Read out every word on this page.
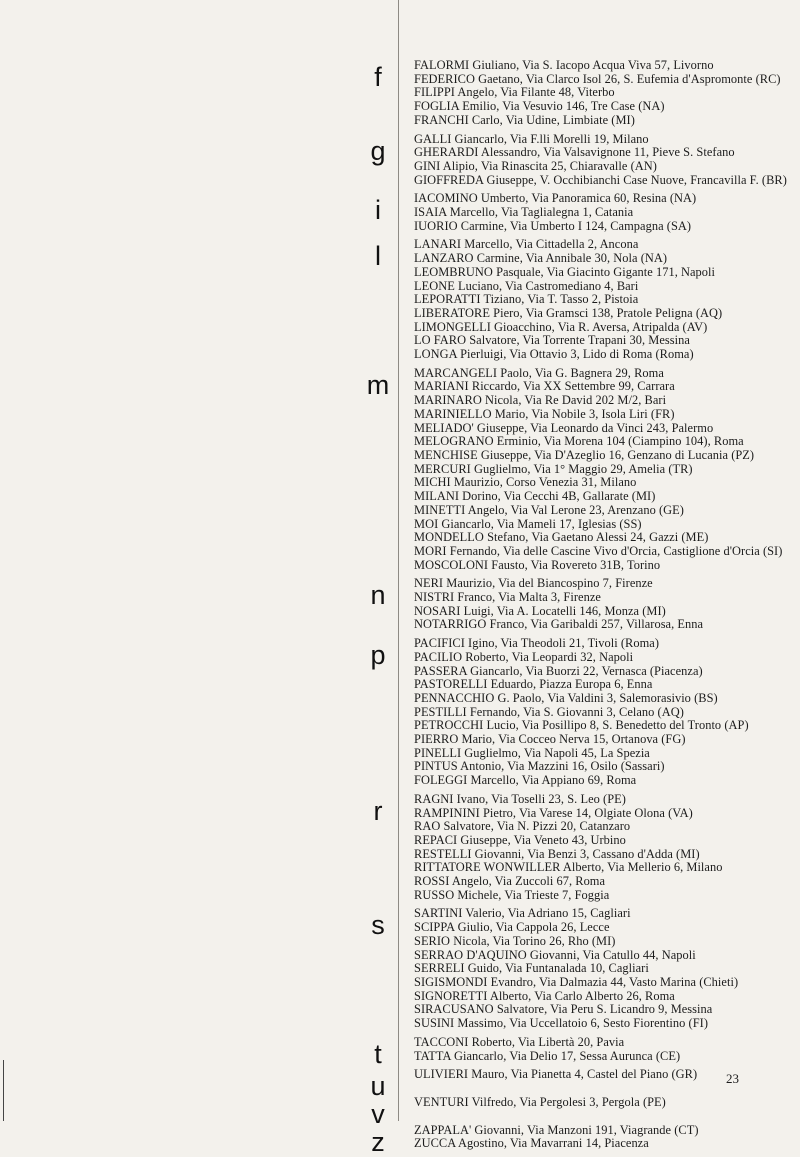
f
g
i
l
m
n
p
r
s
t
u
v
z
FALORMI Giuliano, Via S. Iacopo Acqua Viva 57, Livorno
FEDERICO Gaetano, Via Clarco Isol 26, S. Eufemia d'Aspromonte (RC)
FILIPPI Angelo, Via Filante 48, Viterbo
FOGLIA Emilio, Via Vesuvio 146, Tre Case (NA)
FRANCHI Carlo, Via Udine, Limbiate (MI)
GALLI Giancarlo, Via F.lli Morelli 19, Milano
GHERARDI Alessandro, Via Valsavignone 11, Pieve S. Stefano
GINI Alipio, Via Rinascita 25, Chiaravalle (AN)
GIOFFREDA Giuseppe, V. Occhibianchi Case Nuove, Francavilla F. (BR)
IACOMINO Umberto, Via Panoramica 60, Resina (NA)
ISAIA Marcello, Via Taglialegna 1, Catania
IUORIO Carmine, Via Umberto I 124, Campagna (SA)
LANARI Marcello, Via Cittadella 2, Ancona
LANZARO Carmine, Via Annibale 30, Nola (NA)
LEOMBRUNO Pasquale, Via Giacinto Gigante 171, Napoli
LEONE Luciano, Via Castromediano 4, Bari
LEPORATTI Tiziano, Via T. Tasso 2, Pistoia
LIBERATORE Piero, Via Gramsci 138, Pratole Peligna (AQ)
LIMONGELLI Gioacchino, Via R. Aversa, Atripalda (AV)
LO FARO Salvatore, Via Torrente Trapani 30, Messina
LONGA Pierluigi, Via Ottavio 3, Lido di Roma (Roma)
MARCANGELI Paolo, Via G. Bagnera 29, Roma
MARIANI Riccardo, Via XX Settembre 99, Carrara
MARINARO Nicola, Via Re David 202 M/2, Bari
MARINIELLO Mario, Via Nobile 3, Isola Liri (FR)
MELIADO' Giuseppe, Via Leonardo da Vinci 243, Palermo
MELOGRANO Erminio, Via Morena 104 (Ciampino 104), Roma
MENCHISE Giuseppe, Via D'Azeglio 16, Genzano di Lucania (PZ)
MERCURI Guglielmo, Via 1° Maggio 29, Amelia (TR)
MICHI Maurizio, Corso Venezia 31, Milano
MILANI Dorino, Via Cecchi 4B, Gallarate (MI)
MINETTI Angelo, Via Val Lerone 23, Arenzano (GE)
MOI Giancarlo, Via Mameli 17, Iglesias (SS)
MONDELLO Stefano, Via Gaetano Alessi 24, Gazzi (ME)
MORI Fernando, Via delle Cascine Vivo d'Orcia, Castiglione d'Orcia (SI)
MOSCOLONI Fausto, Via Rovereto 31B, Torino
NERI Maurizio, Via del Biancospino 7, Firenze
NISTRI Franco, Via Malta 3, Firenze
NOSARI Luigi, Via A. Locatelli 146, Monza (MI)
NOTARRIGO Franco, Via Garibaldi 257, Villarosa, Enna
PACIFICI Igino, Via Theodoli 21, Tivoli (Roma)
PACILIO Roberto, Via Leopardi 32, Napoli
PASSERA Giancarlo, Via Buorzi 22, Vernasca (Piacenza)
PASTORELLI Eduardo, Piazza Europa 6, Enna
PENNACCHIO G. Paolo, Via Valdini 3, Salemorasivio (BS)
PESTILLI Fernando, Via S. Giovanni 3, Celano (AQ)
PETROCCHI Lucio, Via Posillipo 8, S. Benedetto del Tronto (AP)
PIERRO Mario, Via Cocceo Nerva 15, Ortanova (FG)
PINELLI Guglielmo, Via Napoli 45, La Spezia
PINTUS Antonio, Via Mazzini 16, Osilo (Sassari)
FOLEGGI Marcello, Via Appiano 69, Roma
RAGNI Ivano, Via Toselli 23, S. Leo (PE)
RAMPININI Pietro, Via Varese 14, Olgiate Olona (VA)
RAO Salvatore, Via N. Pizzi 20, Catanzaro
REPACI Giuseppe, Via Veneto 43, Urbino
RESTELLI Giovanni, Via Benzi 3, Cassano d'Adda (MI)
RITTATORE WONWILLER Alberto, Via Mellerio 6, Milano
ROSSI Angelo, Via Zuccoli 67, Roma
RUSSO Michele, Via Trieste 7, Foggia
SARTINI Valerio, Via Adriano 15, Cagliari
SCIPPA Giulio, Via Cappola 26, Lecce
SERIO Nicola, Via Torino 26, Rho (MI)
SERRAO D'AQUINO Giovanni, Via Catullo 44, Napoli
SERRELI Guido, Via Funtanalada 10, Cagliari
SIGISMONDI Evandro, Via Dalmazia 44, Vasto Marina (Chieti)
SIGNORETTI Alberto, Via Carlo Alberto 26, Roma
SIRACUSANO Salvatore, Via Peru S. Licandro 9, Messina
SUSINI Massimo, Via Uccellatoio 6, Sesto Fiorentino (FI)
TACCONI Roberto, Via Libertà 20, Pavia
TATTA Giancarlo, Via Delio 17, Sessa Aurunca (CE)
ULIVIERI Mauro, Via Pianetta 4, Castel del Piano (GR)
VENTURI Vilfredo, Via Pergolesi 3, Pergola (PE)
ZAPPALA' Giovanni, Via Manzoni 191, Viagrande (CT)
ZUCCA Agostino, Via Mavarrani 14, Piacenza
23
